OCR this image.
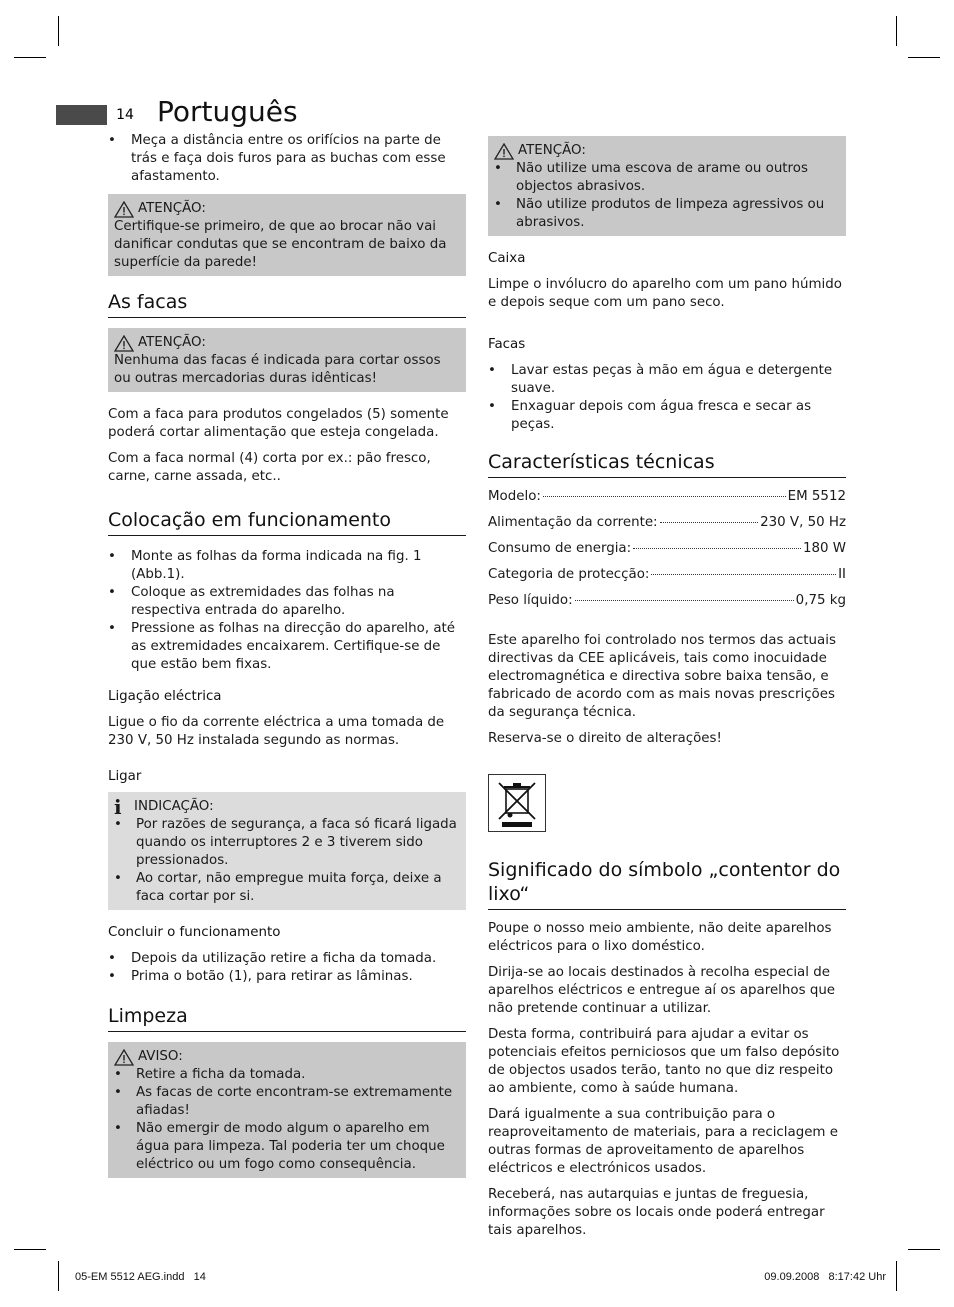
14 Português
• Meça a distância entre os orifícios na parte de trás e faça dois furos para as buchas com esse afastamento.
ATENÇÃO:
Certifique-se primeiro, de que ao brocar não vai danificar condutas que se encontram de baixo da superfície da parede!
As facas
ATENÇÃO:
Nenhuma das facas é indicada para cortar ossos ou outras mercadorias duras idênticas!

Com a faca para produtos congelados (5) somente poderá cortar alimentação que esteja congelada.

Com a faca normal (4) corta por ex.: pão fresco, carne, carne assada, etc..

Colocação em funcionamento
• Monte as folhas da forma indicada na fig. 1 (Abb.1).
• Coloque as extremidades das folhas na respectiva entrada do aparelho.
• Pressione as folhas na direcção do aparelho, até as extremidades encaixarem. Certifique-se de que estão bem fixas.
Ligação eléctrica

Ligue o fio da corrente eléctrica a uma tomada de 230 V, 50 Hz instalada segundo as normas.

Ligar
i INDICAÇÃO:
• Por razões de segurança, a faca só ficará ligada quando os interruptores 2 e 3 tiverem sido pressionados.
• Ao cortar, não empregue muita força, deixe a faca cortar por si.
Concluir o funcionamento
• Depois da utilização retire a ficha da tomada.
• Prima o botão (1), para retirar as lâminas.
Limpeza
AVISO:
• Retire a ficha da tomada.
• As facas de corte encontram-se extremamente afiadas!
• Não emergir de modo algum o aparelho em água para limpeza. Tal poderia ter um choque eléctrico ou um fogo como consequência.
ATENÇÃO:
• Não utilize uma escova de arame ou outros objectos abrasivos.
• Não utilize produtos de limpeza agressivos ou abrasivos.
Caixa

Limpe o invólucro do aparelho com um pano húmido e depois seque com um pano seco.

Facas
• Lavar estas peças à mão em água e detergente suave.
• Enxaguar depois com água fresca e secar as peças.
Características técnicas
Modelo:	EM 5512
Alimentação da corrente:	230 V, 50 Hz
Consumo de energia:	180 W
Categoria de protecção:	II
Peso líquido:	0,75 kg

Este aparelho foi controlado nos termos das actuais directivas da CEE aplicáveis, tais como inocuidade electromagnética e directiva sobre baixa tensão, e fabricado de acordo com as mais novas prescrições da segurança técnica.

Reserva-se o direito de alterações!

Significado do símbolo „contentor do lixo“

Poupe o nosso meio ambiente, não deite aparelhos eléctricos para o lixo doméstico.

Dirija-se ao locais destinados à recolha especial de aparelhos eléctricos e entregue aí os aparelhos que não pretende continuar a utilizar.

Desta forma, contribuirá para ajudar a evitar os potenciais efeitos perniciosos que um falso depósito de objectos usados terão, tanto no que diz respeito ao ambiente, como à saúde humana.

Dará igualmente a sua contribuição para o reaproveitamento de materiais, para a reciclagem e outras formas de aproveitamento de aparelhos eléctricos e electrónicos usados.

Receberá, nas autarquias e juntas de freguesia, informações sobre os locais onde poderá entregar tais aparelhos.

05-EM 5512 AEG.indd   14	09.09.2008   8:17:42 Uhr
